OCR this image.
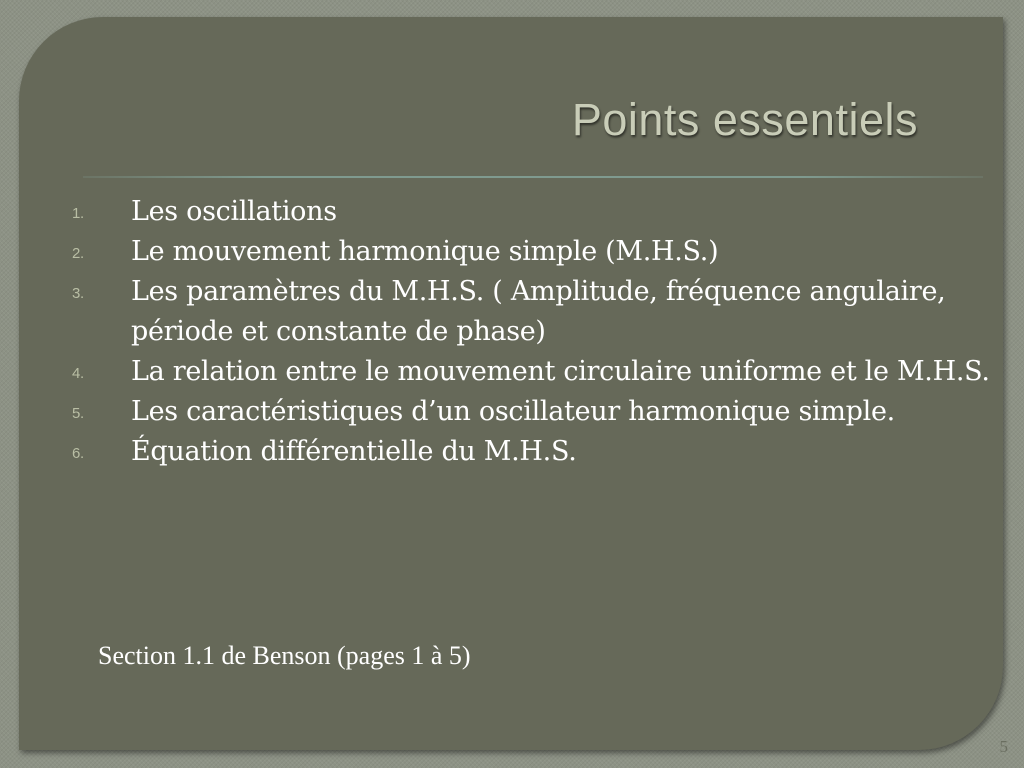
Points essentiels
1. Les oscillations
2. Le mouvement harmonique simple (M.H.S.)
3. Les paramètres du M.H.S. ( Amplitude, fréquence angulaire, période et constante de phase)
4. La relation entre le mouvement circulaire uniforme et le M.H.S.
5. Les caractéristiques d’un oscillateur harmonique simple.
6. Équation différentielle du M.H.S.

Section 1.1 de Benson (pages 1 à 5)

5
